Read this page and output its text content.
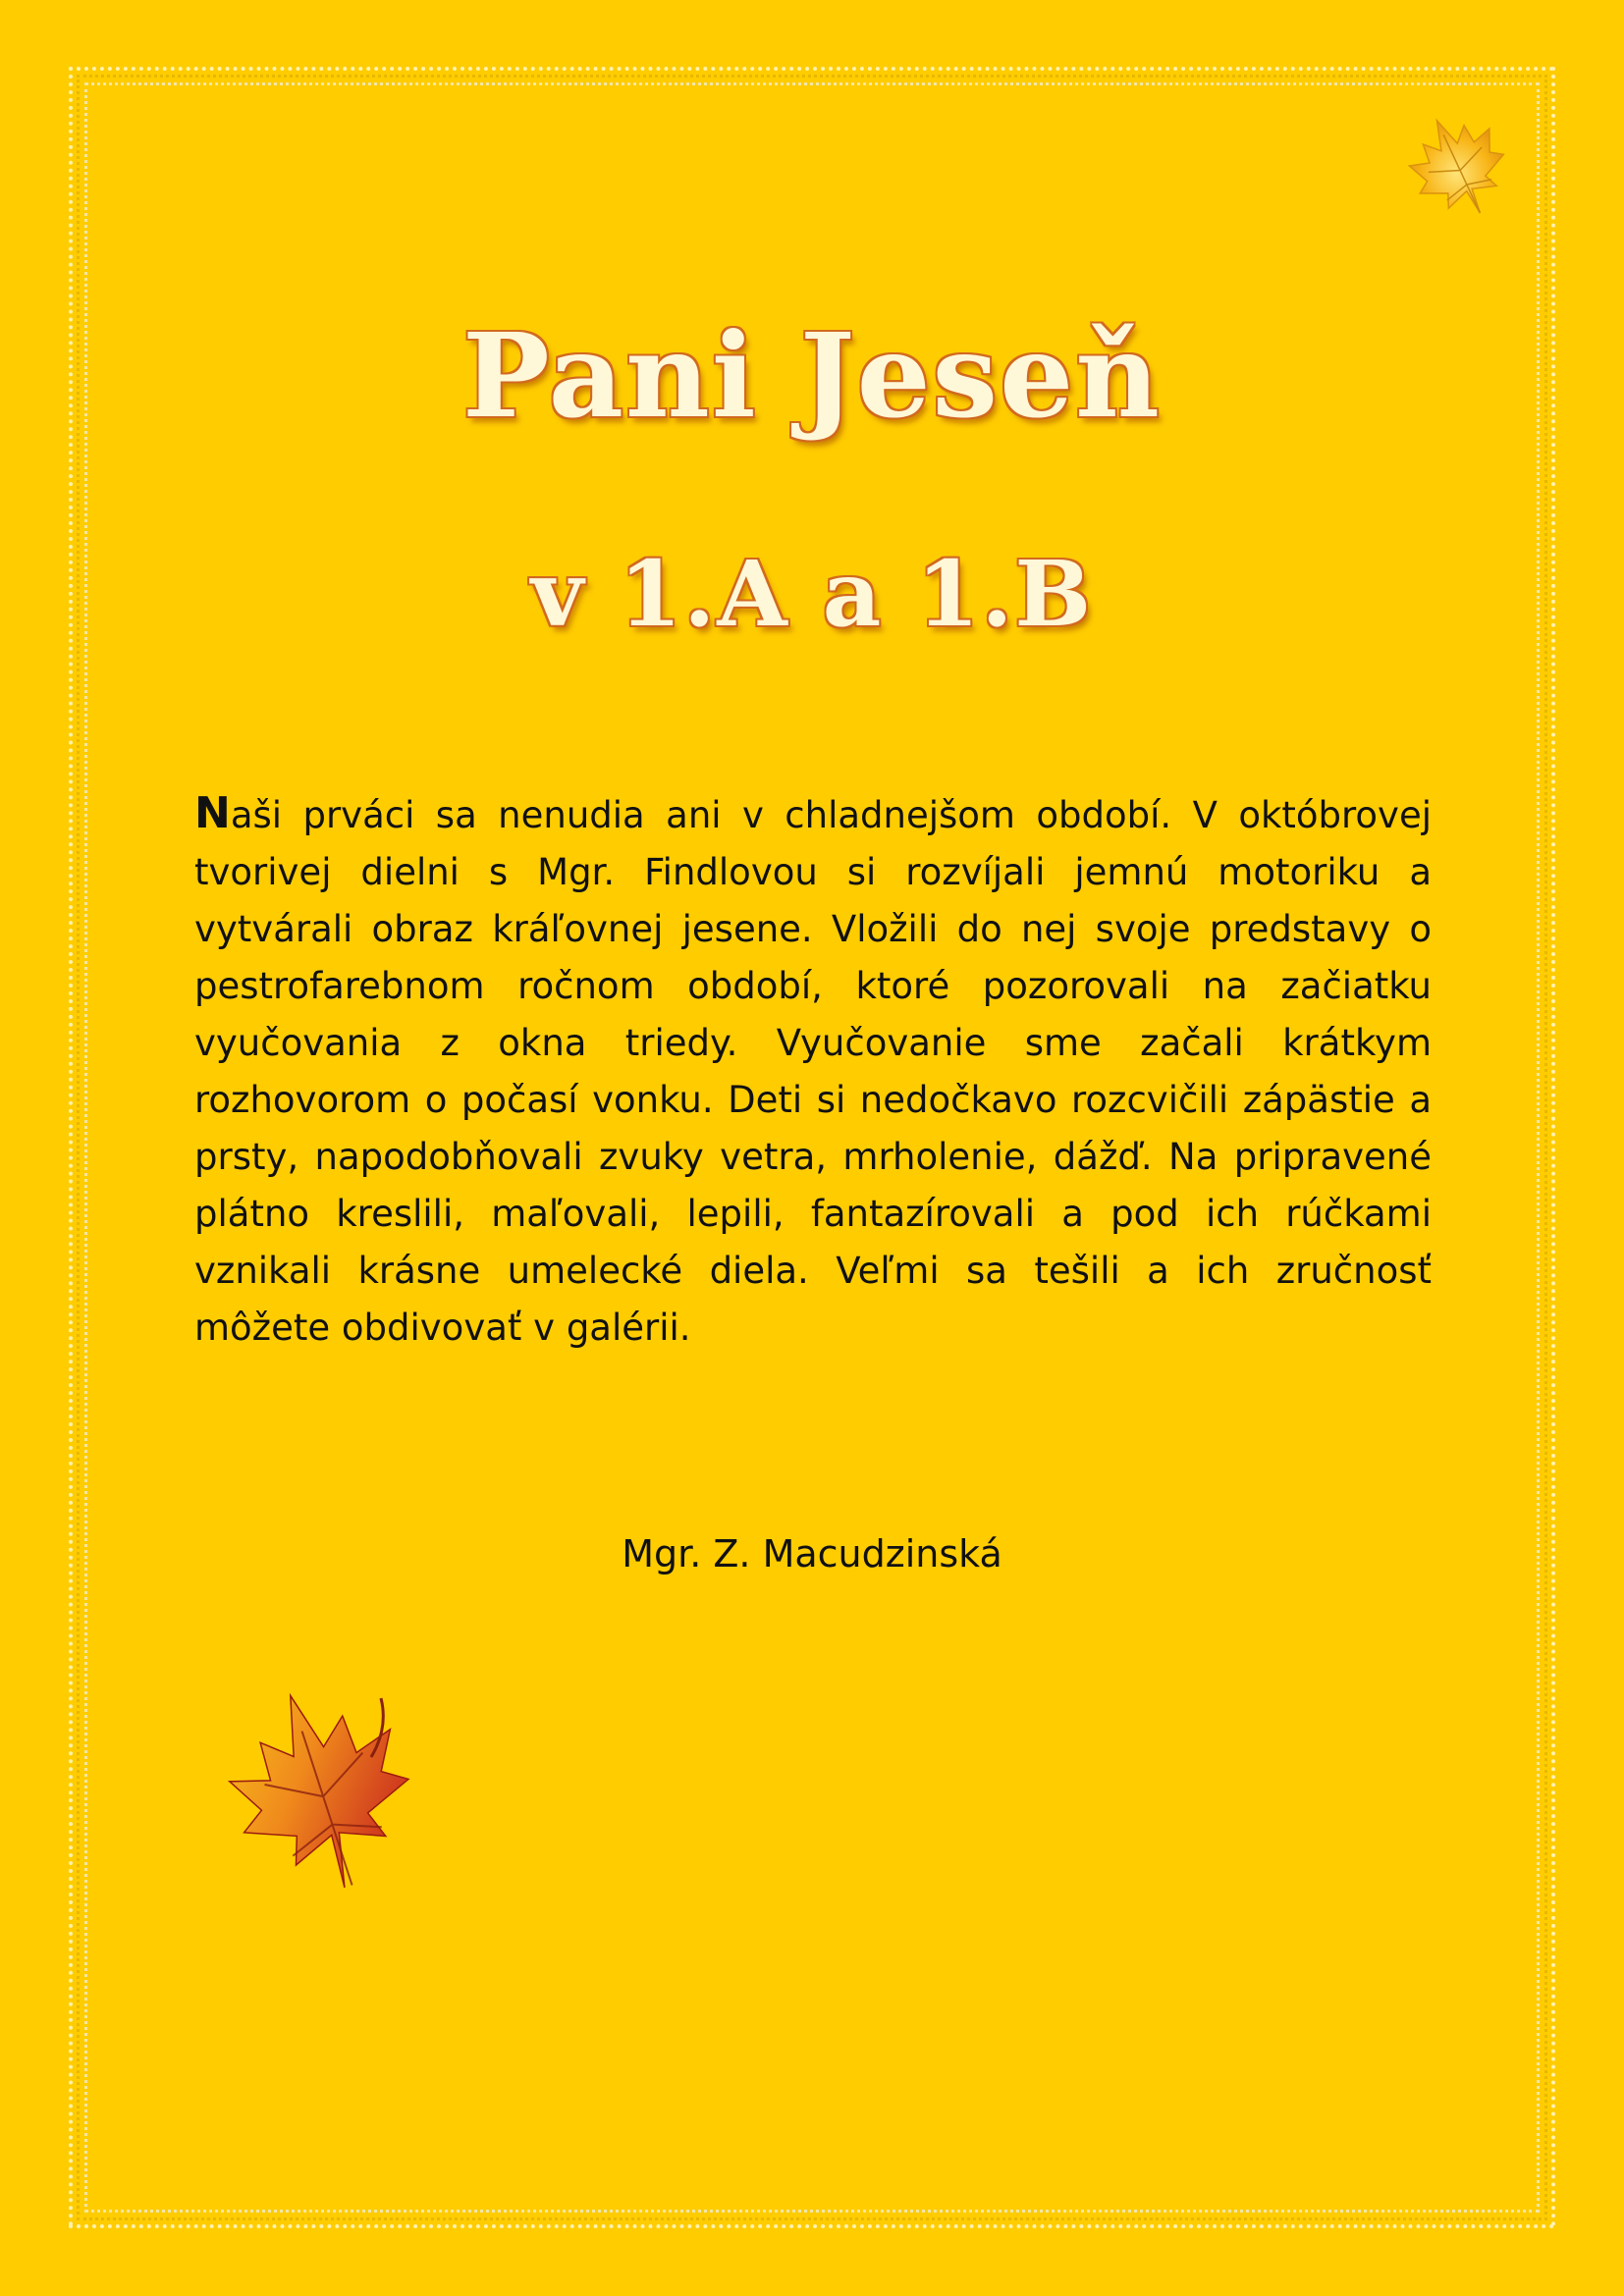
Pani Jeseň
v 1.A a 1.B

Naši prváci sa nenudia ani v chladnejšom období. V októbrovej tvorivej dielni s Mgr. Findlovou si rozvíjali jemnú motoriku a vytvárali obraz kráľovnej jesene. Vložili do nej svoje predstavy o pestrofarebnom ročnom období, ktoré pozorovali na začiatku vyučovania z okna triedy. Vyučovanie sme začali krátkym rozhovorom o počasí vonku. Deti si nedočkavo rozcvičili zápästie a prsty, napodobňovali zvuky vetra, mrholenie, dážď. Na pripravené plátno kreslili, maľovali, lepili, fantazírovali a pod ich rúčkami vznikali krásne umelecké diela. Veľmi sa tešili a ich zručnosť môžete obdivovať v galérii.

Mgr. Z. Macudzinská
